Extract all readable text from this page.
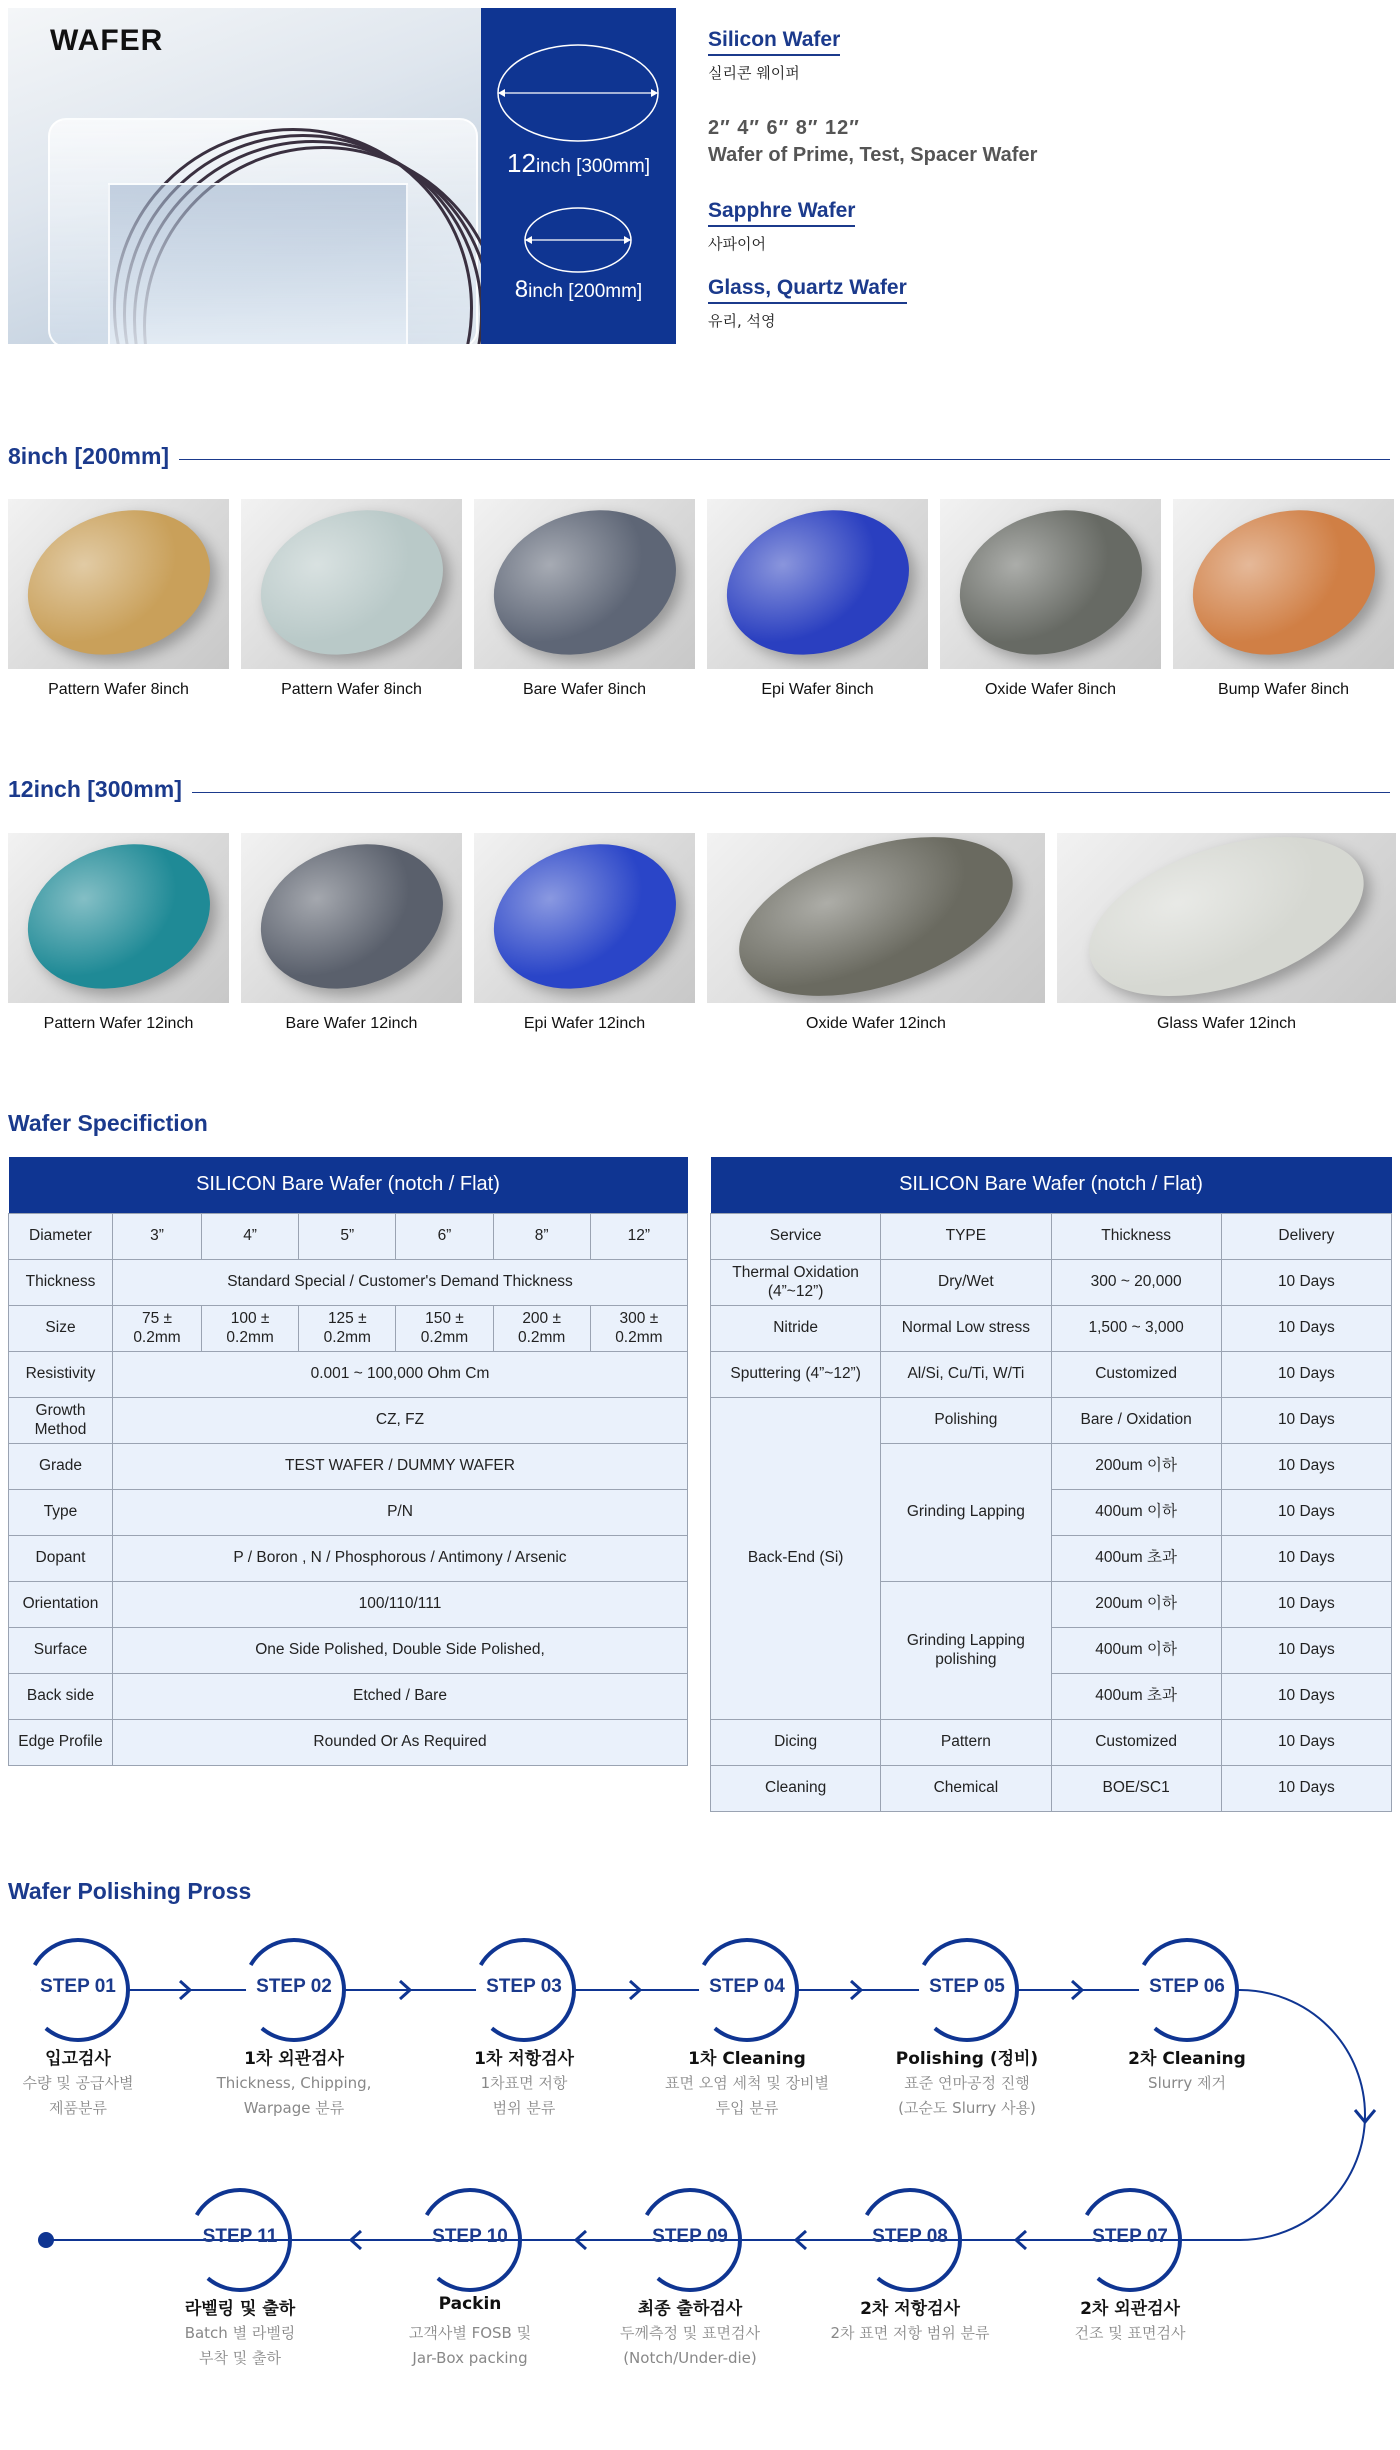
WAFER
12inch [300mm]
8inch [200mm]
Silicon Wafer
실리콘 웨이퍼
2″ 4″ 6″ 8″ 12″
Wafer of Prime, Test, Spacer Wafer
Sapphre Wafer
사파이어
Glass, Quartz Wafer
유리, 석영
8inch [200mm]
Pattern Wafer 8inch	Pattern Wafer 8inch	Bare Wafer 8inch	Epi Wafer 8inch	Oxide Wafer 8inch	Bump Wafer 8inch
12inch [300mm]
Pattern Wafer 12inch	Bare Wafer 12inch	Epi Wafer 12inch	Oxide Wafer 12inch	Glass Wafer 12inch
Wafer Specifiction
SILICON Bare Wafer (notch / Flat)						
Diameter	3”	4”	5”	6”	8”	12”
Thickness	Standard Special / Customer's Demand Thickness					
Size	75 ± 0.2mm	100 ± 0.2mm	125 ± 0.2mm	150 ± 0.2mm	200 ± 0.2mm	300 ± 0.2mm
Resistivity	0.001 ~ 100,000 Ohm Cm					
Growth Method	CZ, FZ					
Grade	TEST WAFER / DUMMY WAFER					
Type	P/N					
Dopant	P / Boron , N / Phosphorous / Antimony / Arsenic					
Orientation	100/110/111					
Surface	One Side Polished, Double Side Polished,					
Back side	Etched / Bare					
Edge Profile	Rounded Or As Required					
SILICON Bare Wafer (notch / Flat)			
Service	TYPE	Thickness	Delivery
Thermal Oxidation (4”~12”)	Dry/Wet	300 ~ 20,000	10 Days
Nitride	Normal Low stress	1,500 ~ 3,000	10 Days
Sputtering (4”~12”)	Al/Si, Cu/Ti, W/Ti	Customized	10 Days
Back-End (Si)	Polishing	Bare / Oxidation	10 Days
	Grinding Lapping	200um 이하	10 Days
		400um 이하	10 Days
		400um 초과	10 Days
	Grinding Lapping polishing	200um 이하	10 Days
		400um 이하	10 Days
		400um 초과	10 Days
Dicing	Pattern	Customized	10 Days
Cleaning	Chemical	BOE/SC1	10 Days
Wafer Polishing Pross
STEP 01
입고검사
수량 및 공급사별
제품분류
STEP 02
1차 외관검사
Thickness, Chipping,
Warpage 분류
STEP 03
1차 저항검사
1차표면 저항
범위 분류
STEP 04
1차 Cleaning
표면 오염 세척 및 장비별
투입 분류
STEP 05
Polishing (정비)
표준 연마공정 진행
(고순도 Slurry 사용)
STEP 06
2차 Cleaning
Slurry 제거
STEP 07
2차 외관검사
건조 및 표면검사
STEP 08
2차 저항검사
2차 표면 저항 범위 분류
STEP 09
최종 출하검사
두께측정 및 표면검사
(Notch/Under-die)
STEP 10
Packin
고객사별 FOSB 및
Jar-Box packing
STEP 11
라벨링 및 출하
Batch 별 라벨링
부착 및 출하
